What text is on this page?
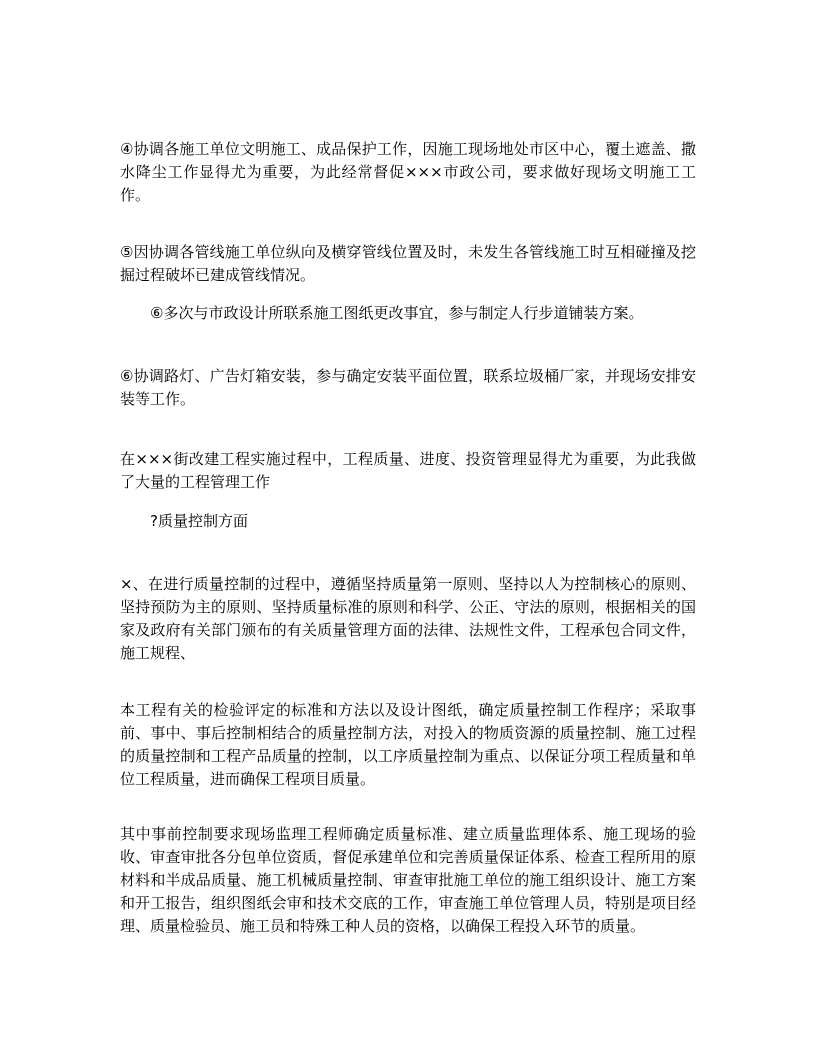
④协调各施工单位文明施工、成品保护工作，因施工现场地处市区中心，覆土遮盖、撒水降尘工作显得尤为重要，为此经常督促×××市政公司，要求做好现场文明施工工作。

⑤因协调各管线施工单位纵向及横穿管线位置及时，未发生各管线施工时互相碰撞及挖掘过程破坏已建成管线情况。

⑥多次与市政设计所联系施工图纸更改事宜，参与制定人行步道铺装方案。

⑥协调路灯、广告灯箱安装，参与确定安装平面位置，联系垃圾桶厂家，并现场安排安装等工作。

在×××街改建工程实施过程中，工程质量、进度、投资管理显得尤为重要，为此我做了大量的工程管理工作

?质量控制方面

×、在进行质量控制的过程中，遵循坚持质量第一原则、坚持以人为控制核心的原则、坚持预防为主的原则、坚持质量标准的原则和科学、公正、守法的原则，根据相关的国家及政府有关部门颁布的有关质量管理方面的法律、法规性文件，工程承包合同文件，施工规程、

本工程有关的检验评定的标准和方法以及设计图纸，确定质量控制工作程序；采取事前、事中、事后控制相结合的质量控制方法，对投入的物质资源的质量控制、施工过程的质量控制和工程产品质量的控制，以工序质量控制为重点、以保证分项工程质量和单位工程质量，进而确保工程项目质量。

其中事前控制要求现场监理工程师确定质量标准、建立质量监理体系、施工现场的验收、审查审批各分包单位资质，督促承建单位和完善质量保证体系、检查工程所用的原材料和半成品质量、施工机械质量控制、审查审批施工单位的施工组织设计、施工方案和开工报告，组织图纸会审和技术交底的工作，审查施工单位管理人员，特别是项目经理、质量检验员、施工员和特殊工种人员的资格，以确保工程投入环节的质量。
